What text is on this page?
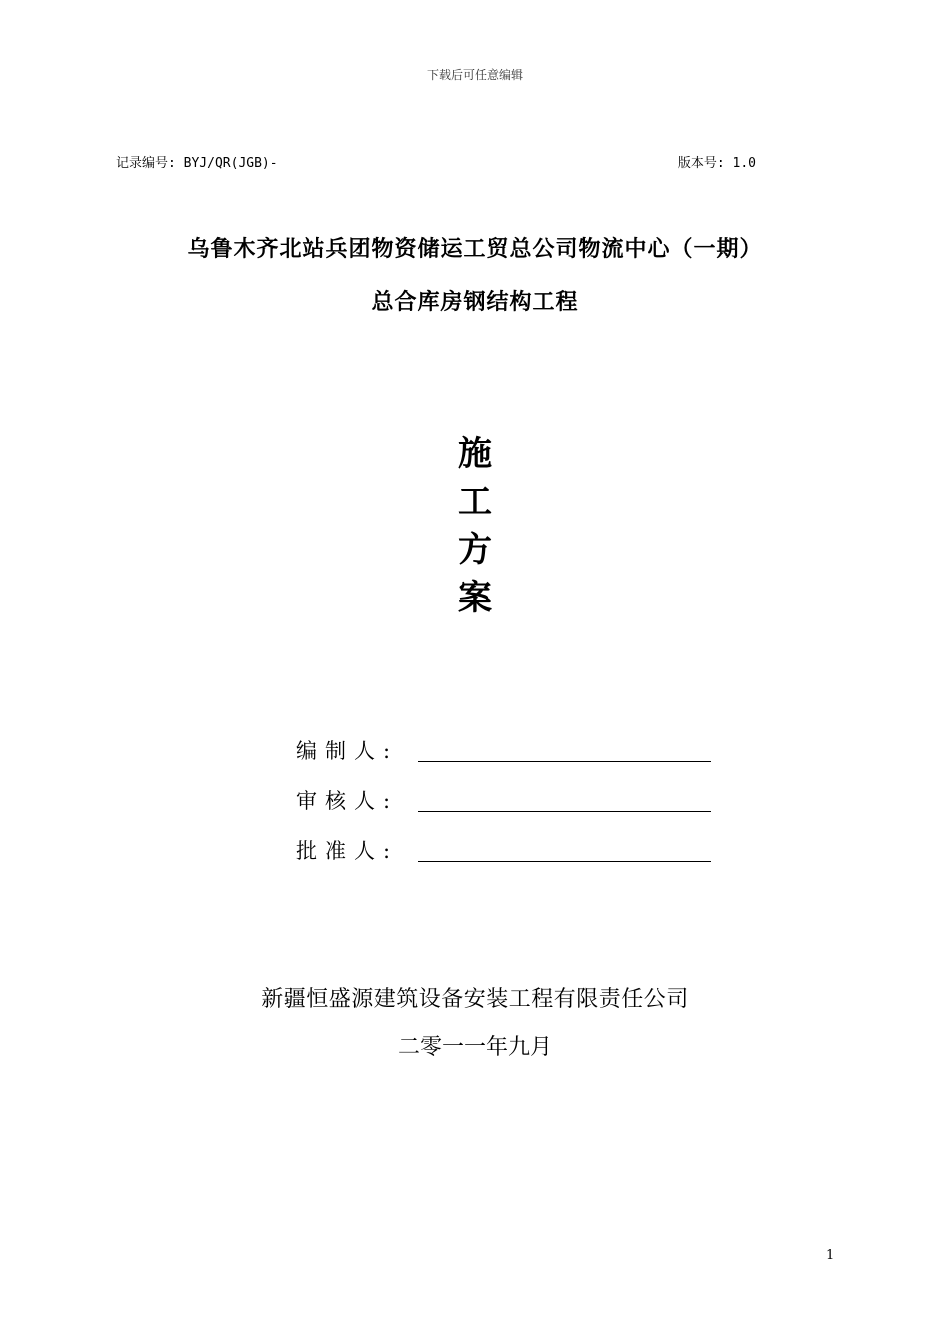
下载后可任意编辑
记录编号: BYJ/QR(JGB)-	版本号: 1.0
乌鲁木齐北站兵团物资储运工贸总公司物流中心（一期）
总合库房钢结构工程
施
工
方
案
编制人:
审核人:
批准人:
新疆恒盛源建筑设备安装工程有限责任公司
二零一一年九月
1
